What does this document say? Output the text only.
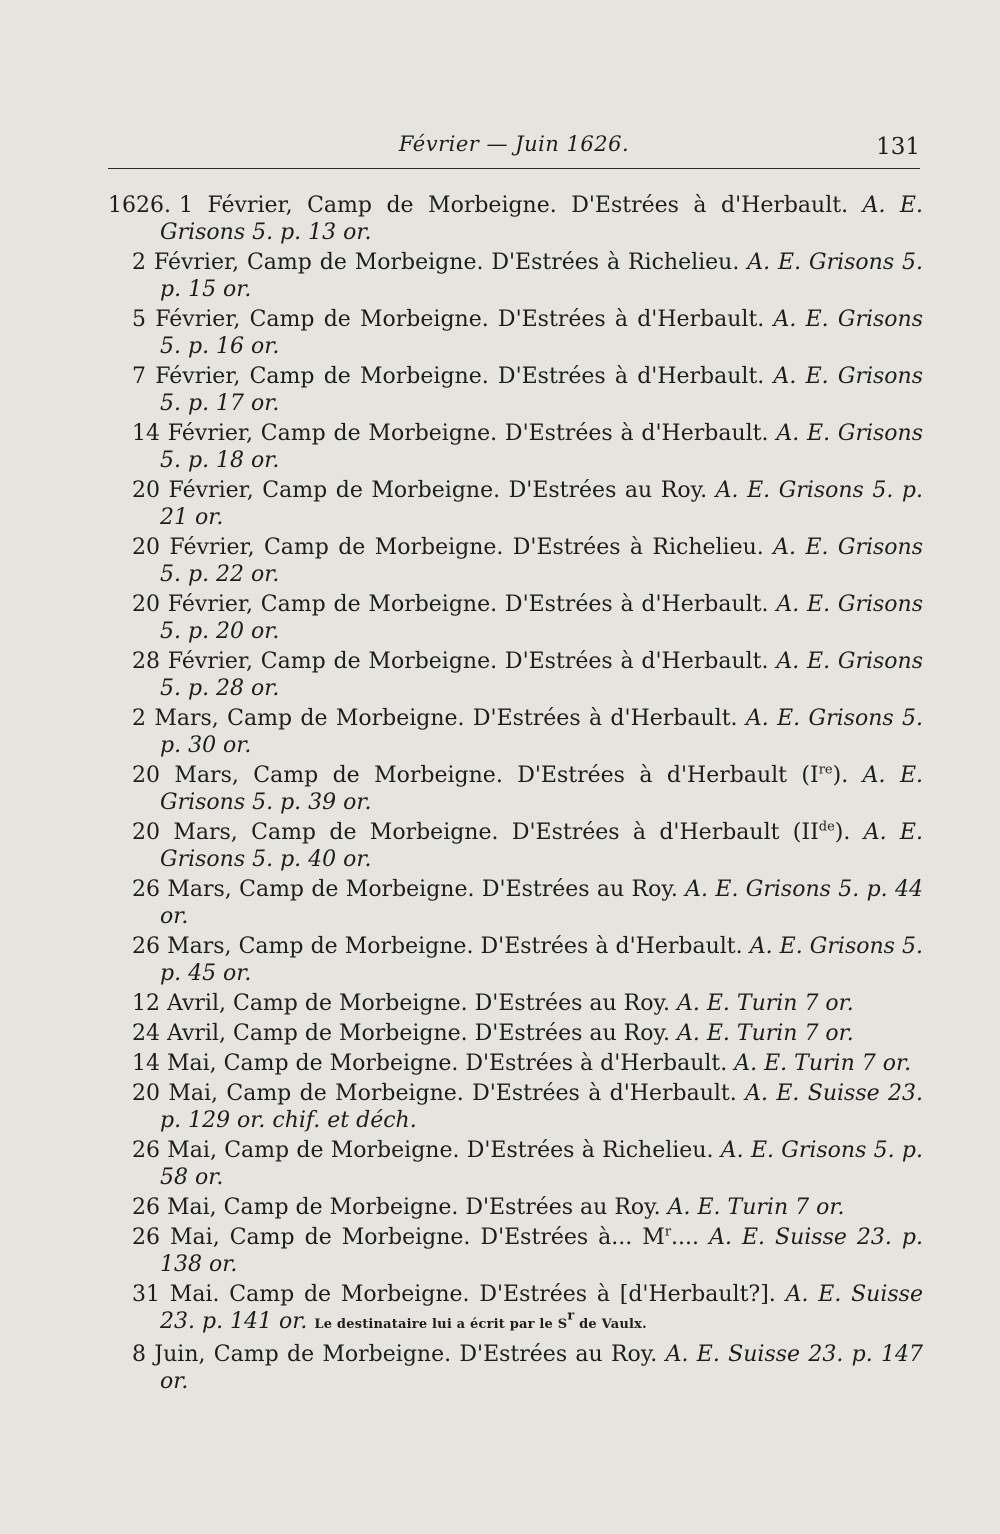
Février — Juin 1626.	131
1626. 1 Février, Camp de Morbeigne. D'Estrées à d'Herbault. A. E. Grisons 5. p. 13 or.
2 Février, Camp de Morbeigne. D'Estrées à Richelieu. A. E. Grisons 5. p. 15 or.
5 Février, Camp de Morbeigne. D'Estrées à d'Herbault. A. E. Grisons 5. p. 16 or.
7 Février, Camp de Morbeigne. D'Estrées à d'Herbault. A. E. Grisons 5. p. 17 or.
14 Février, Camp de Morbeigne. D'Estrées à d'Herbault. A. E. Grisons 5. p. 18 or.
20 Février, Camp de Morbeigne. D'Estrées au Roy. A. E. Grisons 5. p. 21 or.
20 Février, Camp de Morbeigne. D'Estrées à Richelieu. A. E. Grisons 5. p. 22 or.
20 Février, Camp de Morbeigne. D'Estrées à d'Herbault. A. E. Grisons 5. p. 20 or.
28 Février, Camp de Morbeigne. D'Estrées à d'Herbault. A. E. Grisons 5. p. 28 or.
2 Mars, Camp de Morbeigne. D'Estrées à d'Herbault. A. E. Grisons 5. p. 30 or.
20 Mars, Camp de Morbeigne. D'Estrées à d'Herbault (Ire). A. E. Grisons 5. p. 39 or.
20 Mars, Camp de Morbeigne. D'Estrées à d'Herbault (IIde). A. E. Grisons 5. p. 40 or.
26 Mars, Camp de Morbeigne. D'Estrées au Roy. A. E. Grisons 5. p. 44 or.
26 Mars, Camp de Morbeigne. D'Estrées à d'Herbault. A. E. Grisons 5. p. 45 or.
12 Avril, Camp de Morbeigne. D'Estrées au Roy. A. E. Turin 7 or.
24 Avril, Camp de Morbeigne. D'Estrées au Roy. A. E. Turin 7 or.
14 Mai, Camp de Morbeigne. D'Estrées à d'Herbault. A. E. Turin 7 or.
20 Mai, Camp de Morbeigne. D'Estrées à d'Herbault. A. E. Suisse 23. p. 129 or. chif. et déch.
26 Mai, Camp de Morbeigne. D'Estrées à Richelieu. A. E. Grisons 5. p. 58 or.
26 Mai, Camp de Morbeigne. D'Estrées au Roy. A. E. Turin 7 or.
26 Mai, Camp de Morbeigne. D'Estrées à... $M^r$.... A. E. Suisse 23. p. 138 or.
31 Mai. Camp de Morbeigne. D'Estrées à [d'Herbault?]. A. E. Suisse 23. p. 141 or. Le destinataire lui a écrit par le S$^r$ de Vaulx.
8 Juin, Camp de Morbeigne. D'Estrées au Roy. A. E. Suisse 23. p. 147 or.
